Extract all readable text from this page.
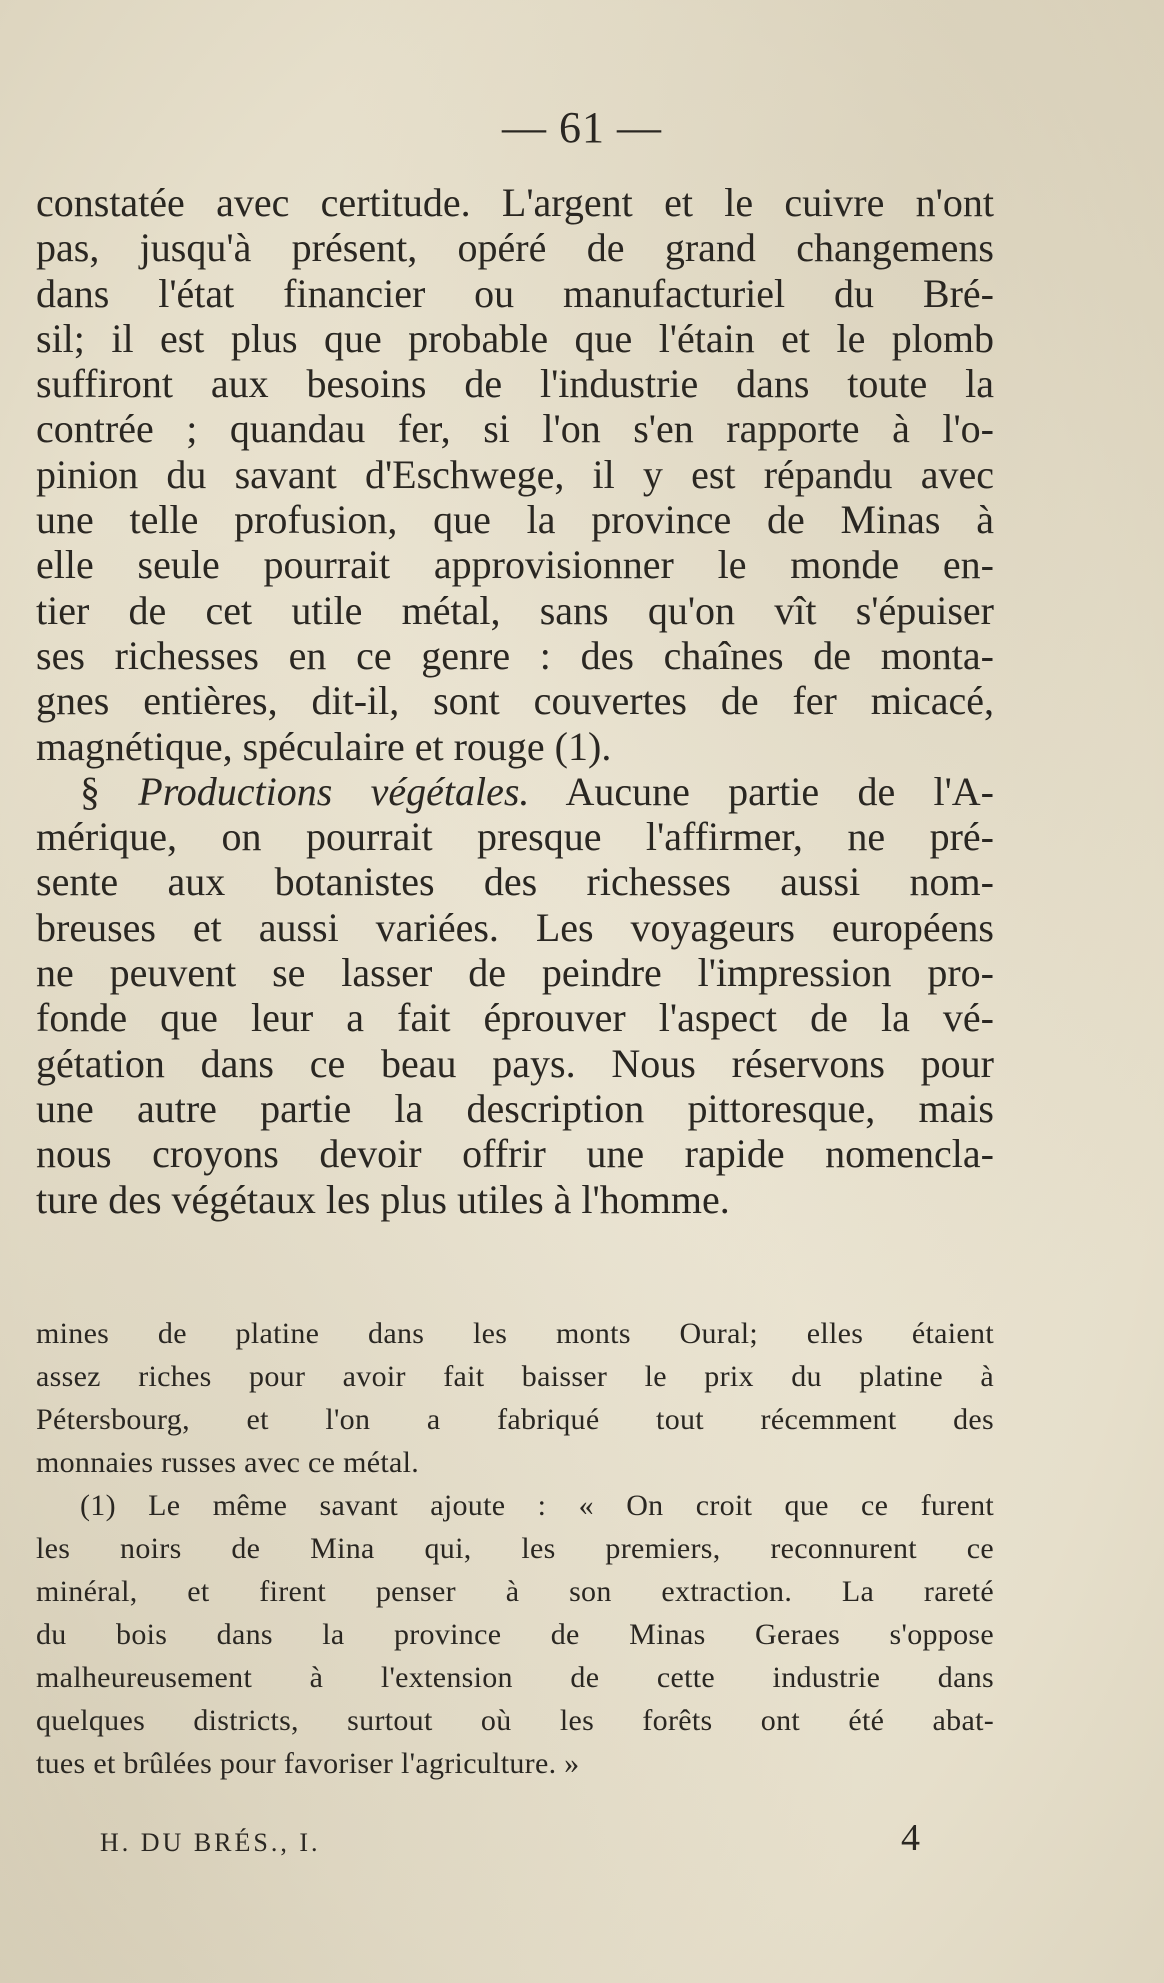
— 61 —
constatée avec certitude. L'argent et le cuivre n'ont
pas, jusqu'à présent, opéré de grand changemens
dans l'état financier ou manufacturiel du Bré-
sil; il est plus que probable que l'étain et le plomb
suffiront aux besoins de l'industrie dans toute la
contrée ; quandau fer, si l'on s'en rapporte à l'o-
pinion du savant d'Eschwege, il y est répandu avec
une telle profusion, que la province de Minas à
elle seule pourrait approvisionner le monde en-
tier de cet utile métal, sans qu'on vît s'épuiser
ses richesses en ce genre : des chaînes de monta-
gnes entières, dit-il, sont couvertes de fer micacé,
magnétique, spéculaire et rouge (1).
§ Productions végétales. Aucune partie de l'A-
mérique, on pourrait presque l'affirmer, ne pré-
sente aux botanistes des richesses aussi nom-
breuses et aussi variées. Les voyageurs européens
ne peuvent se lasser de peindre l'impression pro-
fonde que leur a fait éprouver l'aspect de la vé-
gétation dans ce beau pays. Nous réservons pour
une autre partie la description pittoresque, mais
nous croyons devoir offrir une rapide nomencla-
ture des végétaux les plus utiles à l'homme.
mines de platine dans les monts Oural; elles étaient
assez riches pour avoir fait baisser le prix du platine à
Pétersbourg, et l'on a fabriqué tout récemment des
monnaies russes avec ce métal.
(1) Le même savant ajoute : « On croit que ce furent
les noirs de Mina qui, les premiers, reconnurent ce
minéral, et firent penser à son extraction. La rareté
du bois dans la province de Minas Geraes s'oppose
malheureusement à l'extension de cette industrie dans
quelques districts, surtout où les forêts ont été abat-
tues et brûlées pour favoriser l'agriculture. »
H. DU BRÉS., I.	4
